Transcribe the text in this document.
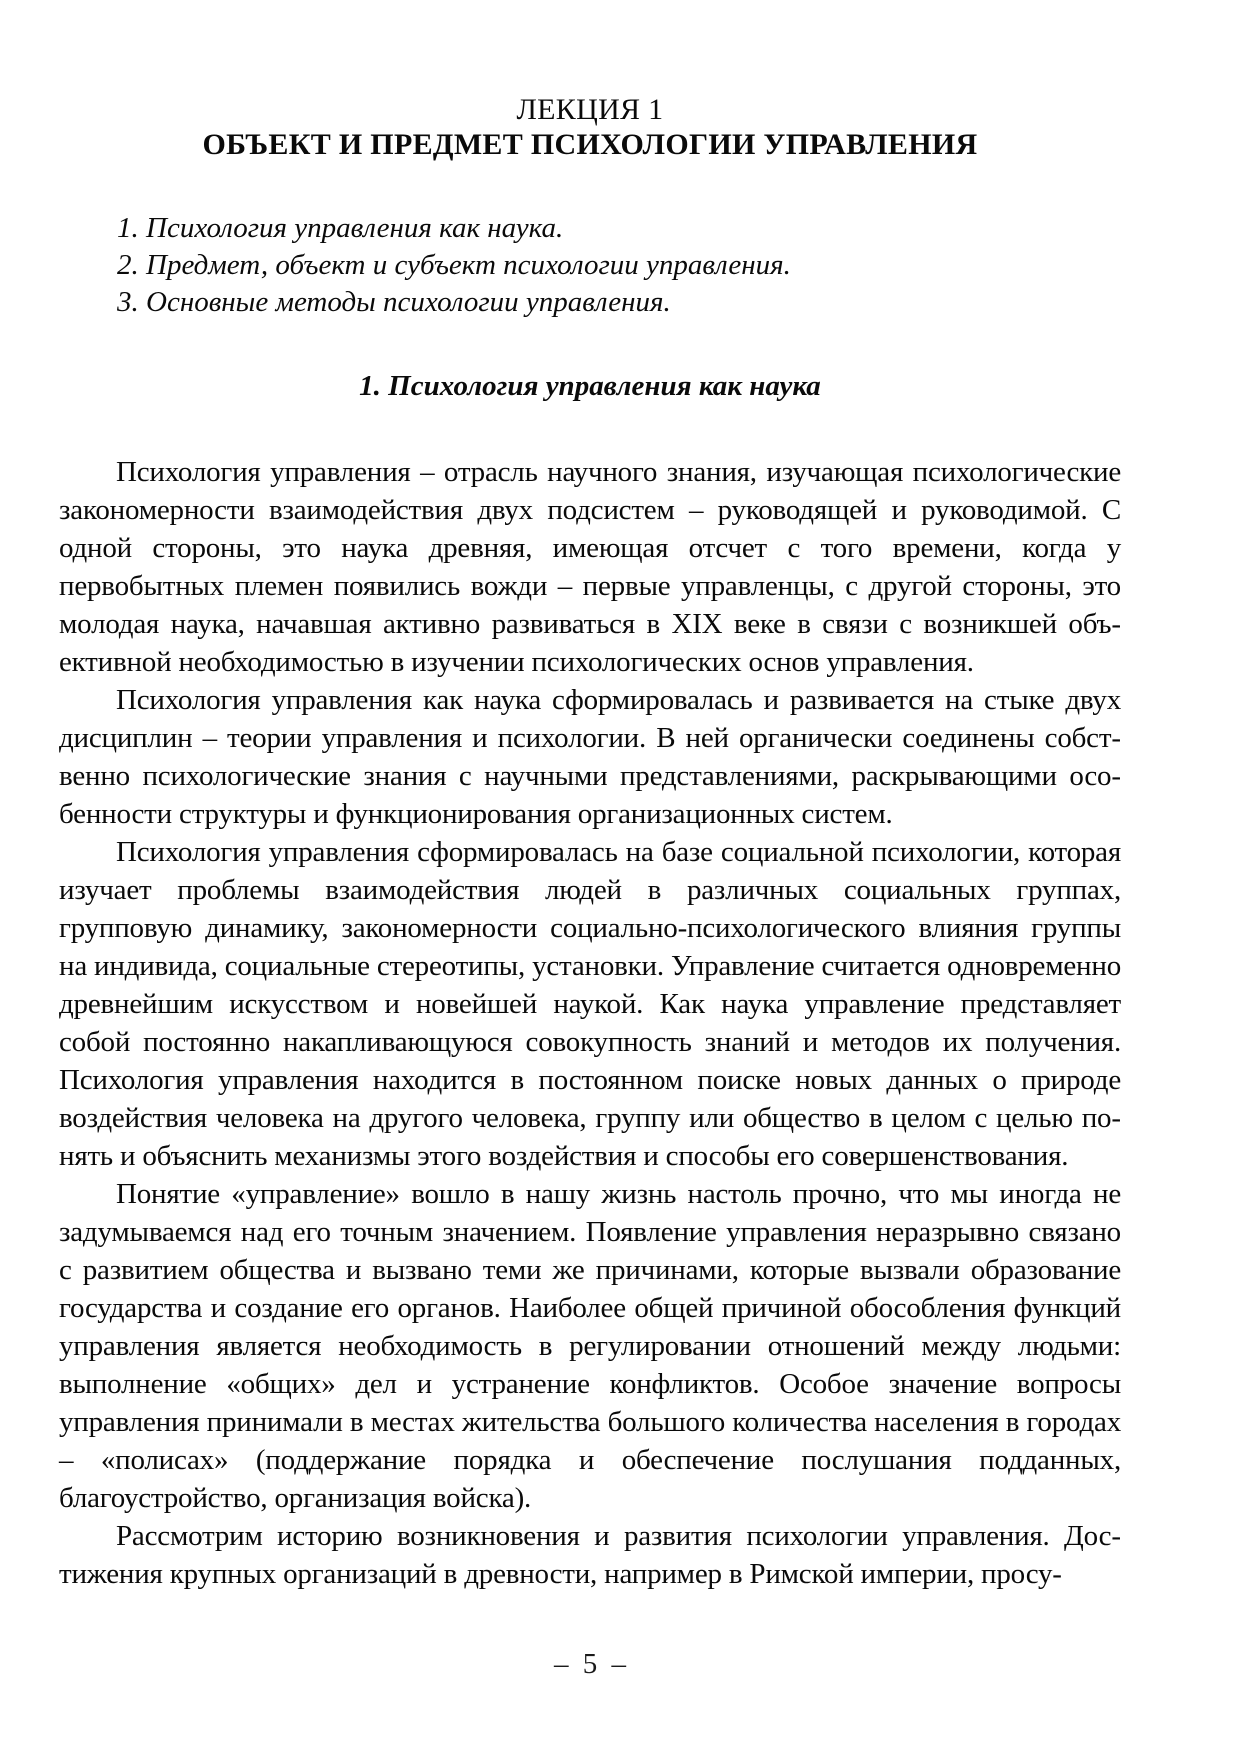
ЛЕКЦИЯ 1
ОБЪЕКТ И ПРЕДМЕТ ПСИХОЛОГИИ УПРАВЛЕНИЯ
1. Психология управления как наука.
2. Предмет, объект и субъект психологии управления.
3. Основные методы психологии управления.
1. Психология управления как наука

Психология управления – отрасль научного знания, изучающая психологические закономерности взаимодействия двух подсистем – руководящей и руководимой. С одной стороны, это наука древняя, имеющая отсчет с того времени, когда у первобытных племен появились вожди – первые управленцы, с другой стороны, это молодая наука, начавшая активно развиваться в XIX веке в связи с возникшей объективной необходимостью в изучении психологических основ управления.

Психология управления как наука сформировалась и развивается на стыке двух дисциплин – теории управления и психологии. В ней органически соединены собственно психологические знания с научными представлениями, раскрывающими особенности структуры и функционирования организационных систем.

Психология управления сформировалась на базе социальной психологии, которая изучает проблемы взаимодействия людей в различных социальных группах, групповую динамику, закономерности социально-психологического влияния группы на индивида, социальные стереотипы, установки. Управление считается одновременно древнейшим искусством и новейшей наукой. Как наука управление представляет собой постоянно накапливающуюся совокупность знаний и методов их получения. Психология управления находится в постоянном поиске новых данных о природе воздействия человека на другого человека, группу или общество в целом с целью понять и объяснить механизмы этого воздействия и способы его совершенствования.

Понятие «управление» вошло в нашу жизнь настоль прочно, что мы иногда не задумываемся над его точным значением. Появление управления неразрывно связано с развитием общества и вызвано теми же причинами, которые вызвали образование государства и создание его органов. Наиболее общей причиной обособления функций управления является необходимость в регулировании отношений между людьми: выполнение «общих» дел и устранение конфликтов. Особое значение вопросы управления принимали в местах жительства большого количества населения в городах – «полисах» (поддержание порядка и обеспечение послушания подданных, благоустройство, организация войска).

Рассмотрим историю возникновения и развития психологии управления. Достижения крупных организаций в древности, например в Римской империи, просу-

– 5 –
